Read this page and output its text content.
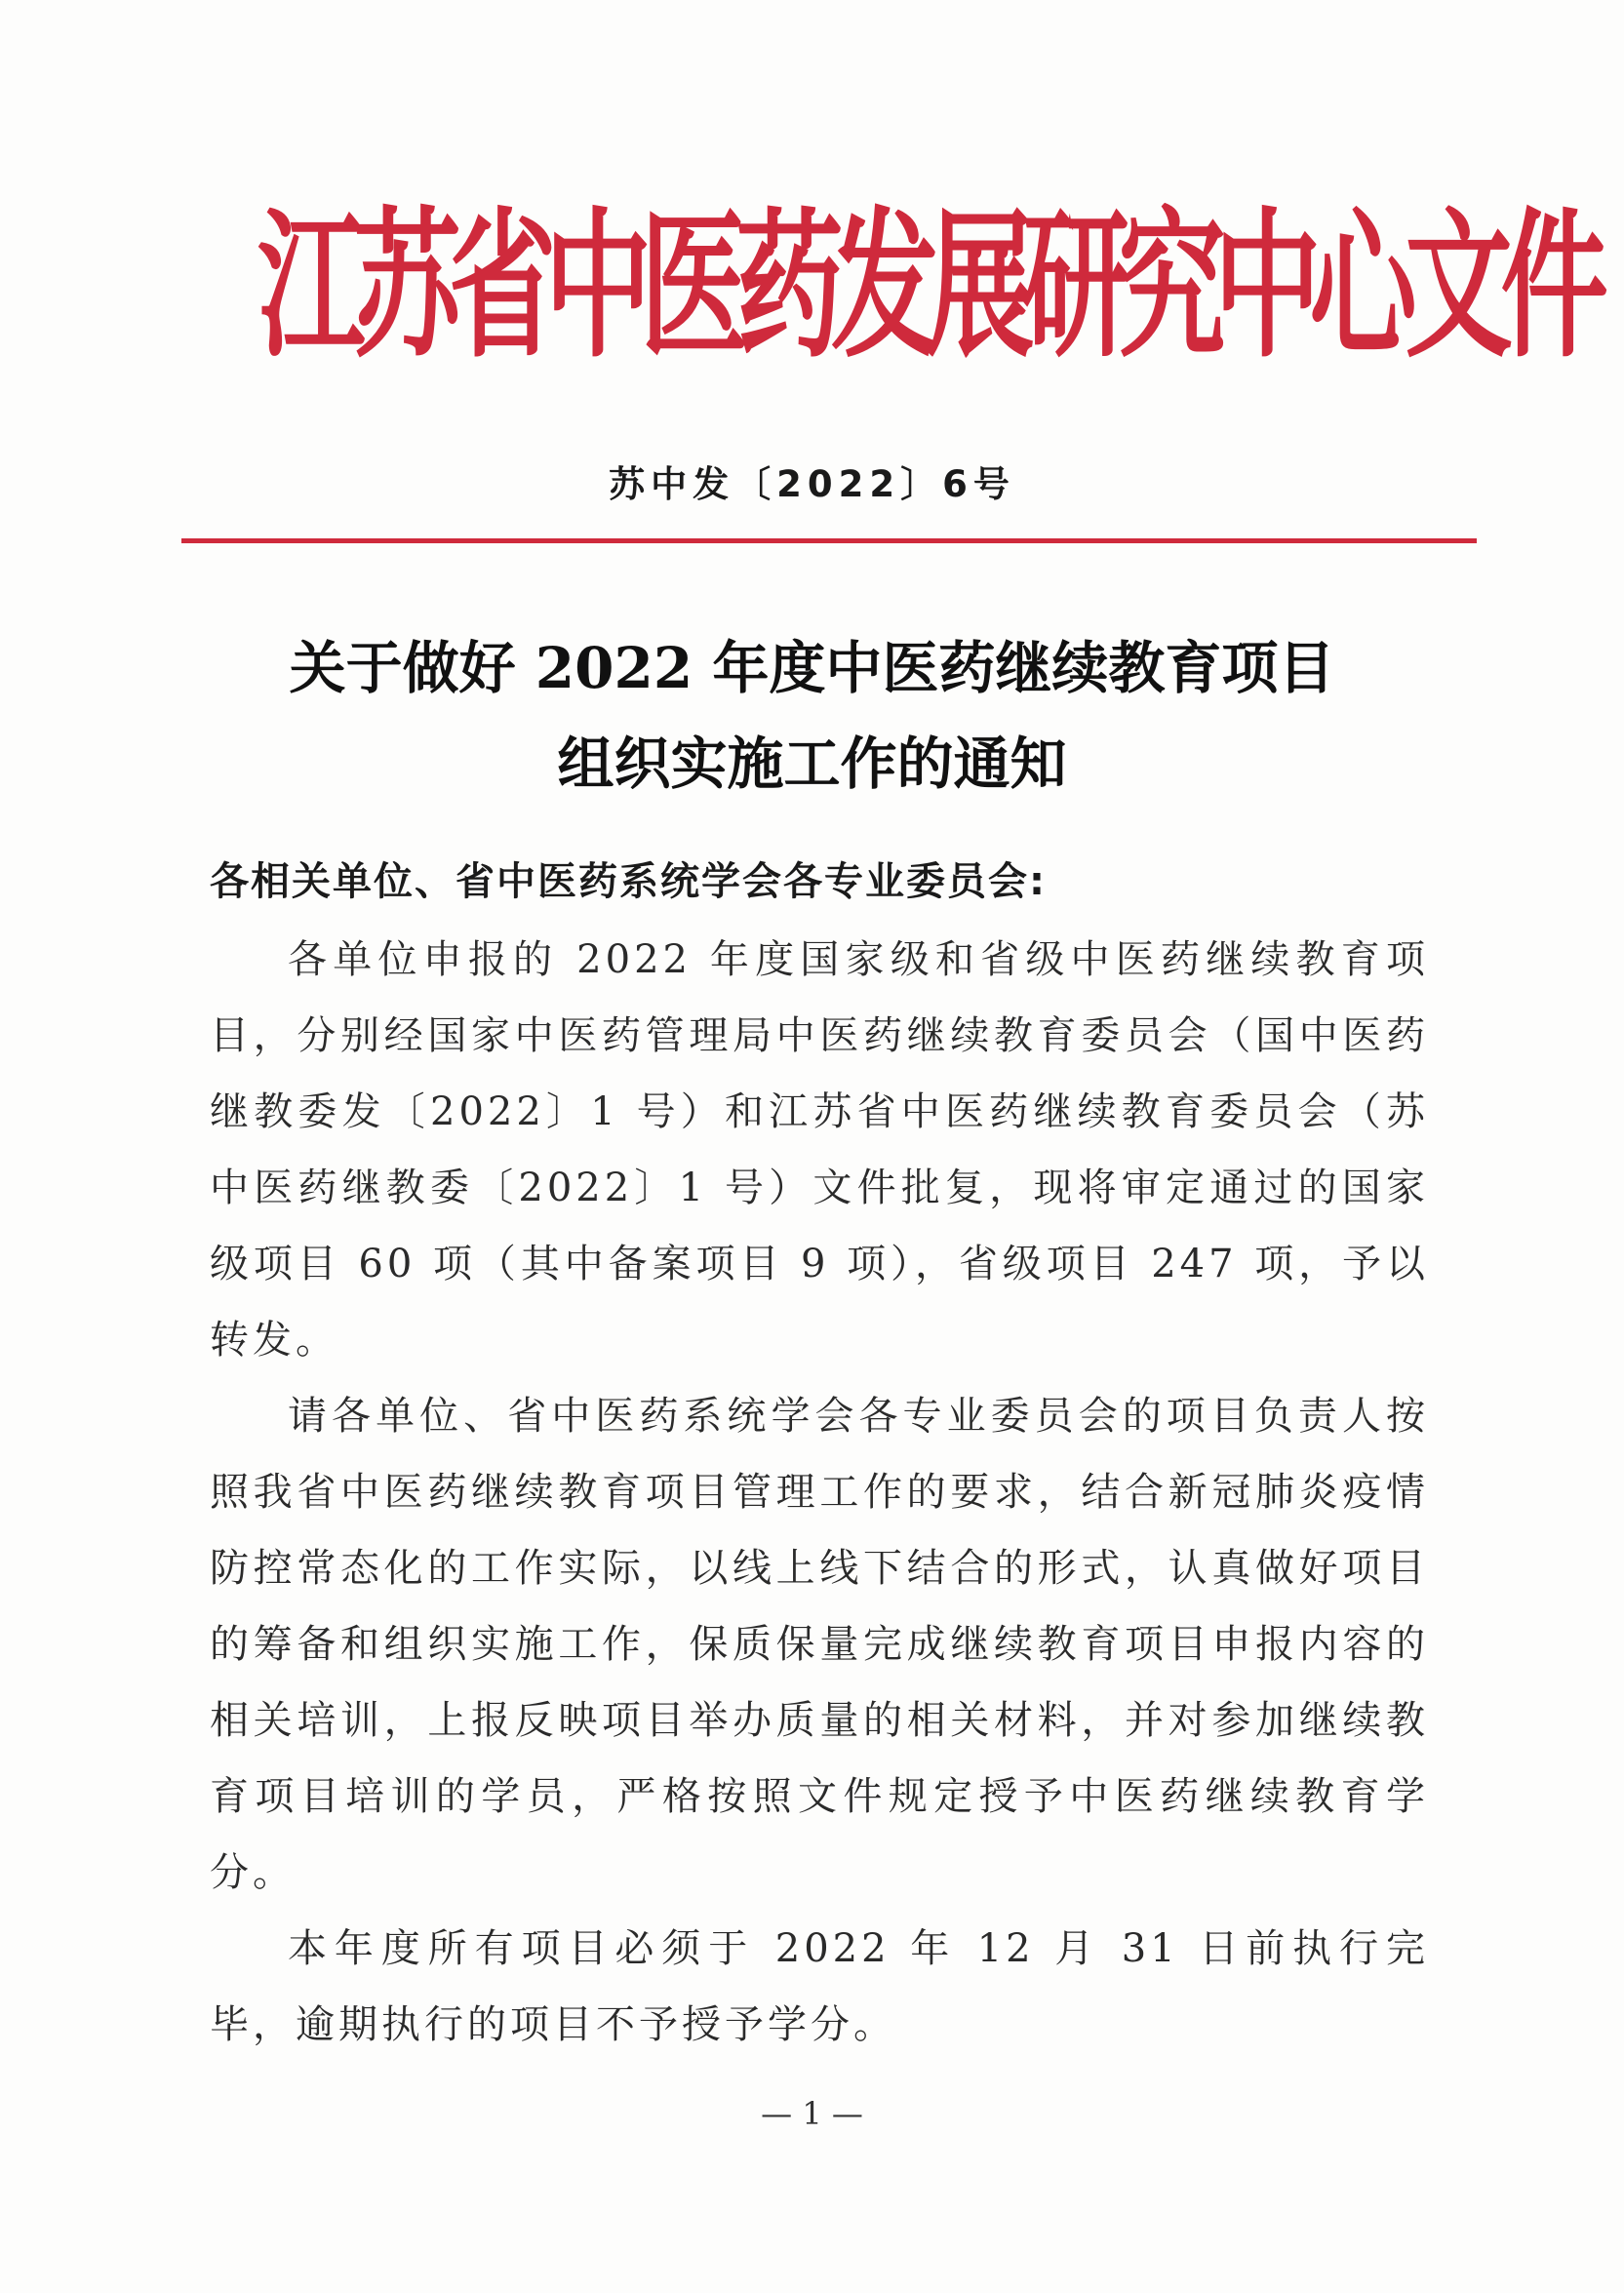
江苏省中医药发展研究中心文件
苏中发〔2022〕6号
关于做好 2022 年度中医药继续教育项目
组织实施工作的通知
各相关单位、省中医药系统学会各专业委员会:

各单位申报的 2022 年度国家级和省级中医药继续教育项目，分别经国家中医药管理局中医药继续教育委员会（国中医药继教委发〔2022〕1 号）和江苏省中医药继续教育委员会（苏中医药继教委〔2022〕1 号）文件批复，现将审定通过的国家级项目 60 项（其中备案项目 9 项），省级项目 247 项，予以转发。

请各单位、省中医药系统学会各专业委员会的项目负责人按照我省中医药继续教育项目管理工作的要求，结合新冠肺炎疫情防控常态化的工作实际，以线上线下结合的形式，认真做好项目的筹备和组织实施工作，保质保量完成继续教育项目申报内容的相关培训，上报反映项目举办质量的相关材料，并对参加继续教育项目培训的学员，严格按照文件规定授予中医药继续教育学分。

本年度所有项目必须于 2022 年 12 月 31 日前执行完毕，逾期执行的项目不予授予学分。

— 1 —
